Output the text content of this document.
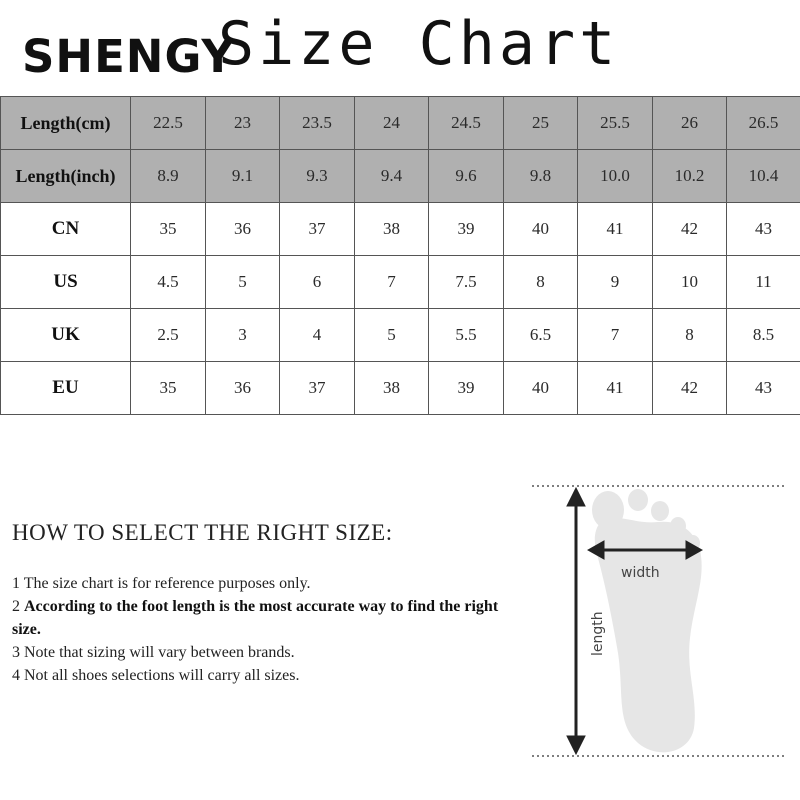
SHENGY
Size Chart
Length(cm)	22.5	23	23.5	24	24.5	25	25.5	26	26.5
Length(inch)	8.9	9.1	9.3	9.4	9.6	9.8	10.0	10.2	10.4
CN	35	36	37	38	39	40	41	42	43
US	4.5	5	6	7	7.5	8	9	10	11
UK	2.5	3	4	5	5.5	6.5	7	8	8.5
EU	35	36	37	38	39	40	41	42	43
HOW TO SELECT THE RIGHT SIZE:
1 The size chart is for reference purposes only.
2 According to the foot length is the most accurate way to find the right size.
3 Note that sizing will vary between brands.
4 Not all shoes selections will carry all sizes.
width
length
